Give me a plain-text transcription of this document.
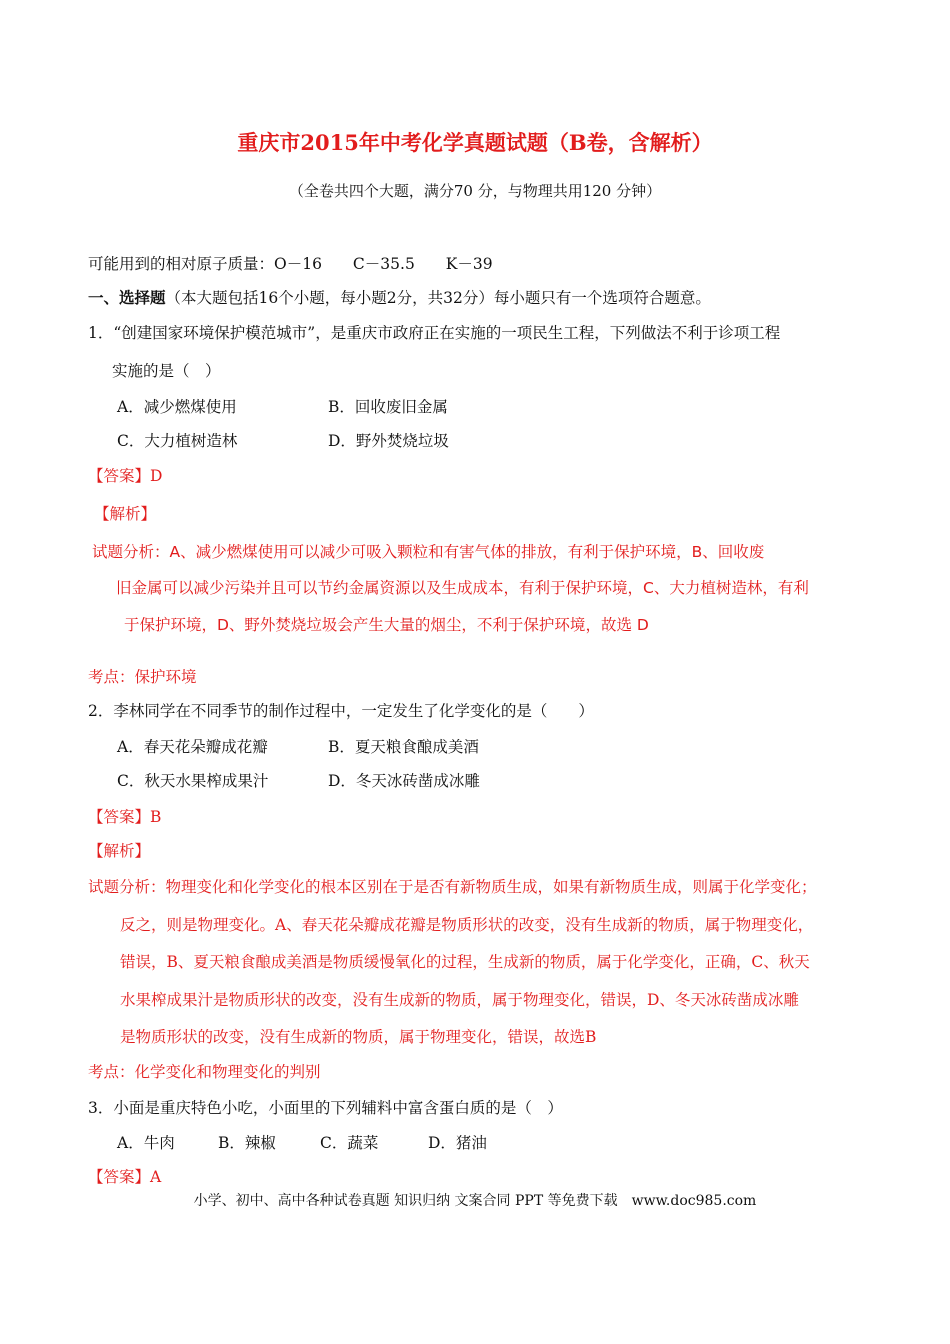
重庆市2015年中考化学真题试题（B卷，含解析）
（全卷共四个大题，满分70 分，与物理共用120 分钟）
可能用到的相对原子质量：O－16　　C－35.5　　K－39
一、选择题（本大题包括16个小题，每小题2分，共32分）每小题只有一个选项符合题意。
1．“创建国家环境保护模范城市”，是重庆市政府正在实施的一项民生工程，下列做法不利于诊项工程
实施的是（　）
A．减少燃煤使用	B．回收废旧金属
C．大力植树造林	D．野外焚烧垃圾
【答案】D
【解析】
试题分析：A、减少燃煤使用可以减少可吸入颗粒和有害气体的排放，有利于保护环境，B、回收废
旧金属可以减少污染并且可以节约金属资源以及生成成本，有利于保护环境，C、大力植树造林，有利
于保护环境，D、野外焚烧垃圾会产生大量的烟尘，不利于保护环境，故选 D
考点：保护环境
2．李林同学在不同季节的制作过程中，一定发生了化学变化的是（　　）
A．春天花朵瓣成花瓣	B．夏天粮食酿成美酒
C．秋天水果榨成果汁	D．冬天冰砖凿成冰雕
【答案】B
【解析】
试题分析：物理变化和化学变化的根本区别在于是否有新物质生成，如果有新物质生成，则属于化学变化；
反之，则是物理变化。A、春天花朵瓣成花瓣是物质形状的改变，没有生成新的物质，属于物理变化，
错误，B、夏天粮食酿成美酒是物质缓慢氧化的过程，生成新的物质，属于化学变化，正确，C、秋天
水果榨成果汁是物质形状的改变，没有生成新的物质，属于物理变化，错误，D、冬天冰砖凿成冰雕
是物质形状的改变，没有生成新的物质，属于物理变化，错误，故选B
考点：化学变化和物理变化的判别
3．小面是重庆特色小吃，小面里的下列辅料中富含蛋白质的是（　）
A．牛肉	B．辣椒	C．蔬菜	D．猪油
【答案】A
小学、初中、高中各种试卷真题 知识归纳 文案合同 PPT 等免费下载　www.doc985.com
